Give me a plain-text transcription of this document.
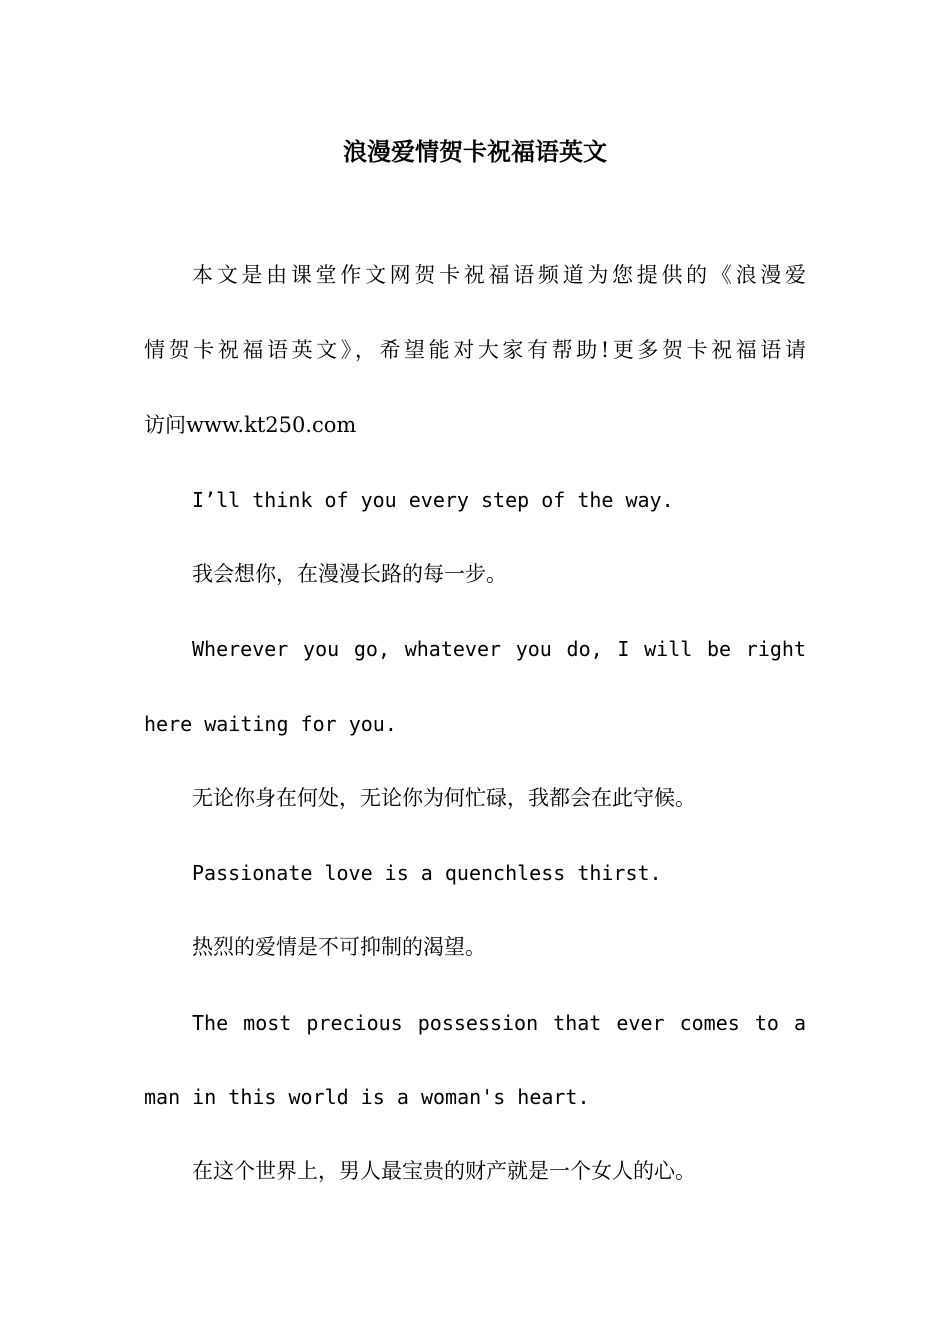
浪漫爱情贺卡祝福语英文

本文是由课堂作文网贺卡祝福语频道为您提供的《浪漫爱

情贺卡祝福语英文》，希望能对大家有帮助!更多贺卡祝福语请

访问www.kt250.com

I’ll think of you every step of the way.

我会想你，在漫漫长路的每一步。

Wherever you go, whatever you do, I will be right

here waiting for you.

无论你身在何处，无论你为何忙碌，我都会在此守候。

Passionate love is a quenchless thirst.

热烈的爱情是不可抑制的渴望。

The most precious possession that ever comes to a

man in this world is a woman's heart.

在这个世界上，男人最宝贵的财产就是一个女人的心。
